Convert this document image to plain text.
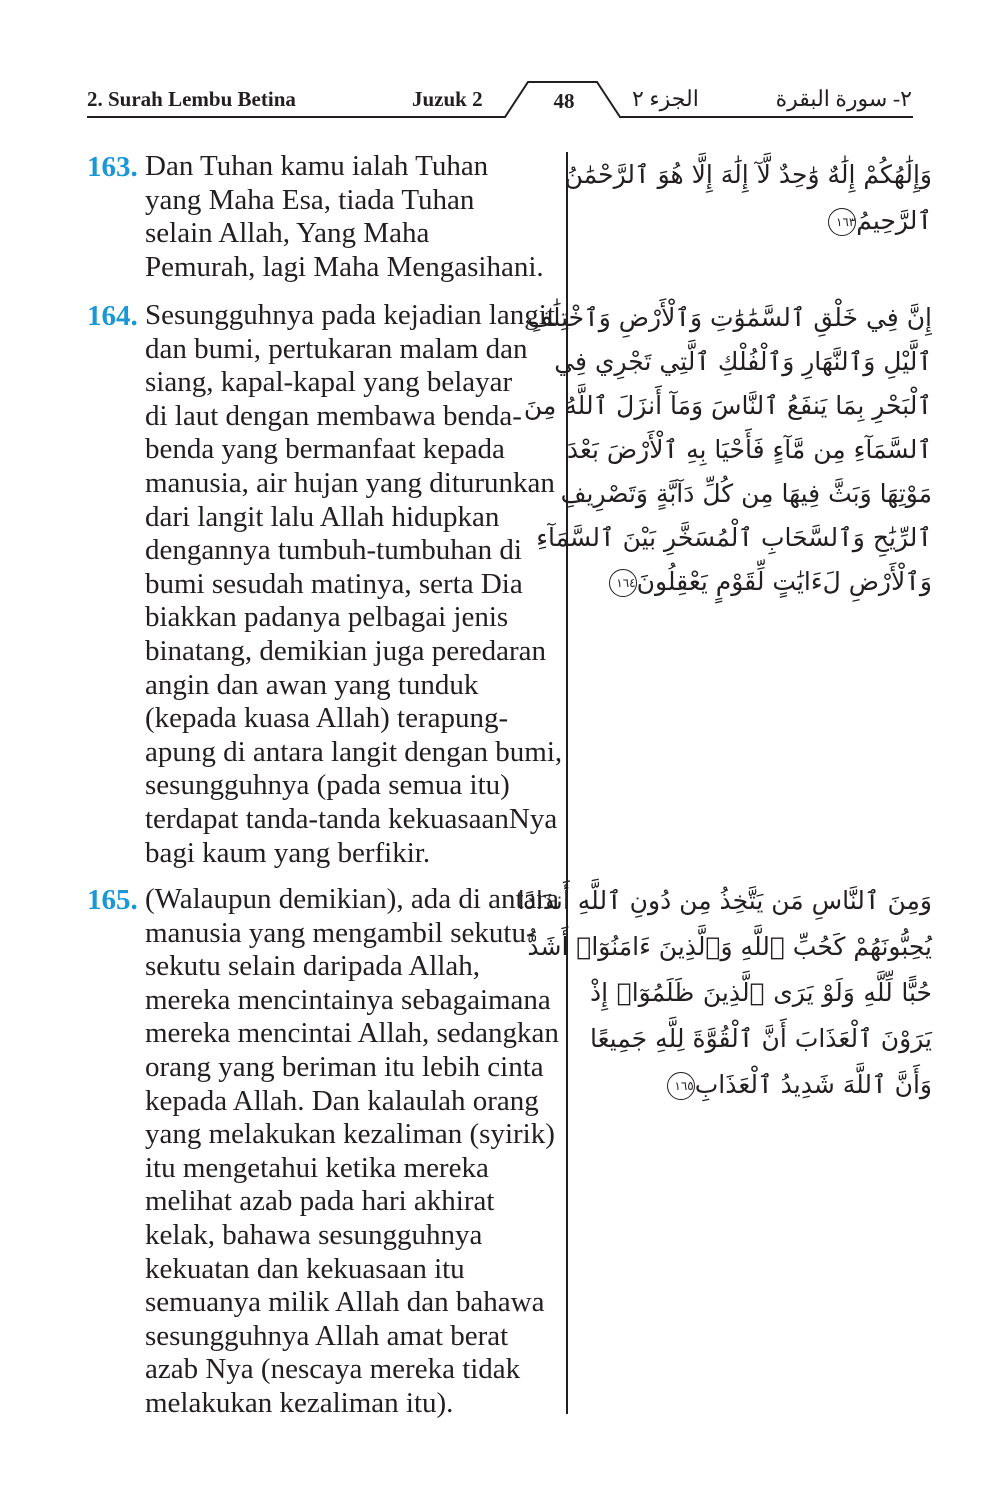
2. Surah Lembu Betina	Juzuk 2	48	الجزء ٢	٢- سورة البقرة
163. Dan Tuhan kamu ialah Tuhan
yang Maha Esa, tiada Tuhan
selain Allah, Yang Maha
Pemurah, lagi Maha Mengasihani.
وَإِلَٰهُكُمْ إِلَٰهٌ وَٰحِدٌ لَّآ إِلَٰهَ إِلَّا هُوَ ٱلرَّحْمَٰنُ
ٱلرَّحِيمُ١٦٣
164. Sesungguhnya pada kejadian langit
dan bumi, pertukaran malam dan
siang, kapal-kapal yang belayar
di laut dengan membawa benda-
benda yang bermanfaat kepada
manusia, air hujan yang diturunkan
dari langit lalu Allah hidupkan
dengannya tumbuh-tumbuhan di
bumi sesudah matinya, serta Dia
biakkan padanya pelbagai jenis
binatang, demikian juga peredaran
angin dan awan yang tunduk
(kepada kuasa Allah) terapung-
apung di antara langit dengan bumi,
sesungguhnya (pada semua itu)
terdapat tanda-tanda kekuasaanNya
bagi kaum yang berfikir.
إِنَّ فِي خَلْقِ ٱلسَّمَٰوَٰتِ وَٱلْأَرْضِ وَٱخْتِلَٰفِ
ٱلَّيْلِ وَٱلنَّهَارِ وَٱلْفُلْكِ ٱلَّتِي تَجْرِي فِي
ٱلْبَحْرِ بِمَا يَنفَعُ ٱلنَّاسَ وَمَآ أَنزَلَ ٱللَّهُ مِنَ
ٱلسَّمَآءِ مِن مَّآءٍ فَأَحْيَا بِهِ ٱلْأَرْضَ بَعْدَ
مَوْتِهَا وَبَثَّ فِيهَا مِن كُلِّ دَآبَّةٍ وَتَصْرِيفِ
ٱلرِّيَٰحِ وَٱلسَّحَابِ ٱلْمُسَخَّرِ بَيْنَ ٱلسَّمَآءِ
وَٱلْأَرْضِ لَءَايَٰتٍ لِّقَوْمٍ يَعْقِلُونَ١٦٤
165. (Walaupun demikian), ada di antara
manusia yang mengambil sekutu-
sekutu selain daripada Allah,
mereka mencintainya sebagaimana
mereka mencintai Allah, sedangkan
orang yang beriman itu lebih cinta
kepada Allah. Dan kalaulah orang
yang melakukan kezaliman (syirik)
itu mengetahui ketika mereka
melihat azab pada hari akhirat
kelak, bahawa sesungguhnya
kekuatan dan kekuasaan itu
semuanya milik Allah dan bahawa
sesungguhnya Allah amat berat
azab Nya (nescaya mereka tidak
melakukan kezaliman itu).
وَمِنَ ٱلنَّاسِ مَن يَتَّخِذُ مِن دُونِ ٱللَّهِ أَندَادًا
يُحِبُّونَهُمْ كَحُبِّ ٱللَّهِ وَٱلَّذِينَ ءَامَنُوٓا۟ أَشَدُّ
حُبًّا لِّلَّهِ وَلَوْ يَرَى ٱلَّذِينَ ظَلَمُوٓا۟ إِذْ
يَرَوْنَ ٱلْعَذَابَ أَنَّ ٱلْقُوَّةَ لِلَّهِ جَمِيعًا
وَأَنَّ ٱللَّهَ شَدِيدُ ٱلْعَذَابِ١٦٥
